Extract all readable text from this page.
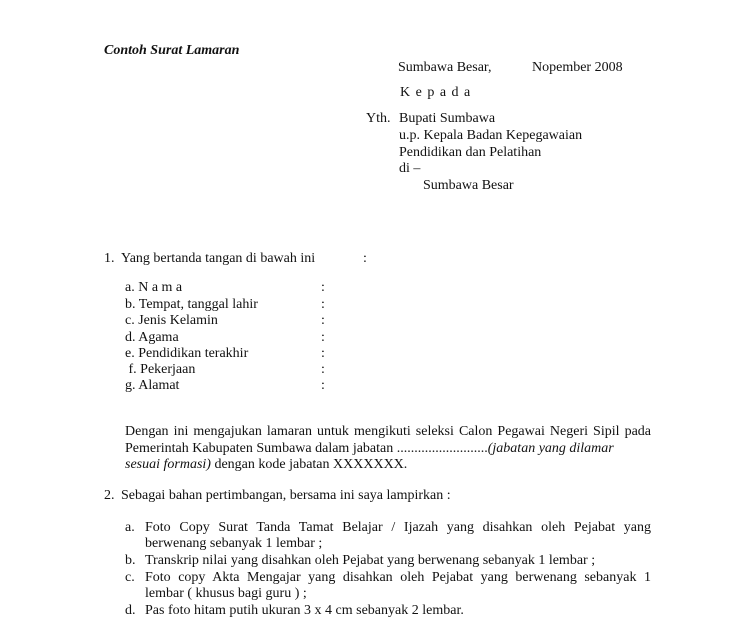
Contoh Surat Lamaran
Sumbawa Besar,	Nopember 2008
K e p a d a
Yth. Bupati Sumbawa
u.p. Kepala Badan Kepegawaian
Pendidikan dan Pelatihan
di –
Sumbawa Besar
1. Yang bertanda tangan di bawah ini	:
a. N a m a	:
b. Tempat, tanggal lahir	:
c. Jenis Kelamin	:
d. Agama	:
e. Pendidikan terakhir	:
f. Pekerjaan	:
g. Alamat	:
Dengan ini mengajukan lamaran untuk mengikuti seleksi Calon Pegawai Negeri Sipil pada
Pemerintah Kabupaten Sumbawa dalam jabatan ..........................(jabatan yang dilamar
sesuai formasi) dengan kode jabatan XXXXXXX.
2. Sebagai bahan pertimbangan, bersama ini saya lampirkan :
a. Foto Copy Surat Tanda Tamat Belajar / Ijazah yang disahkan oleh Pejabat yang
berwenang sebanyak 1 lembar ;
b. Transkrip nilai yang disahkan oleh Pejabat yang berwenang sebanyak 1 lembar ;
c. Foto copy Akta Mengajar yang disahkan oleh Pejabat yang berwenang sebanyak 1
lembar ( khusus bagi guru ) ;
d. Pas foto hitam putih ukuran 3 x 4 cm sebanyak 2 lembar.
